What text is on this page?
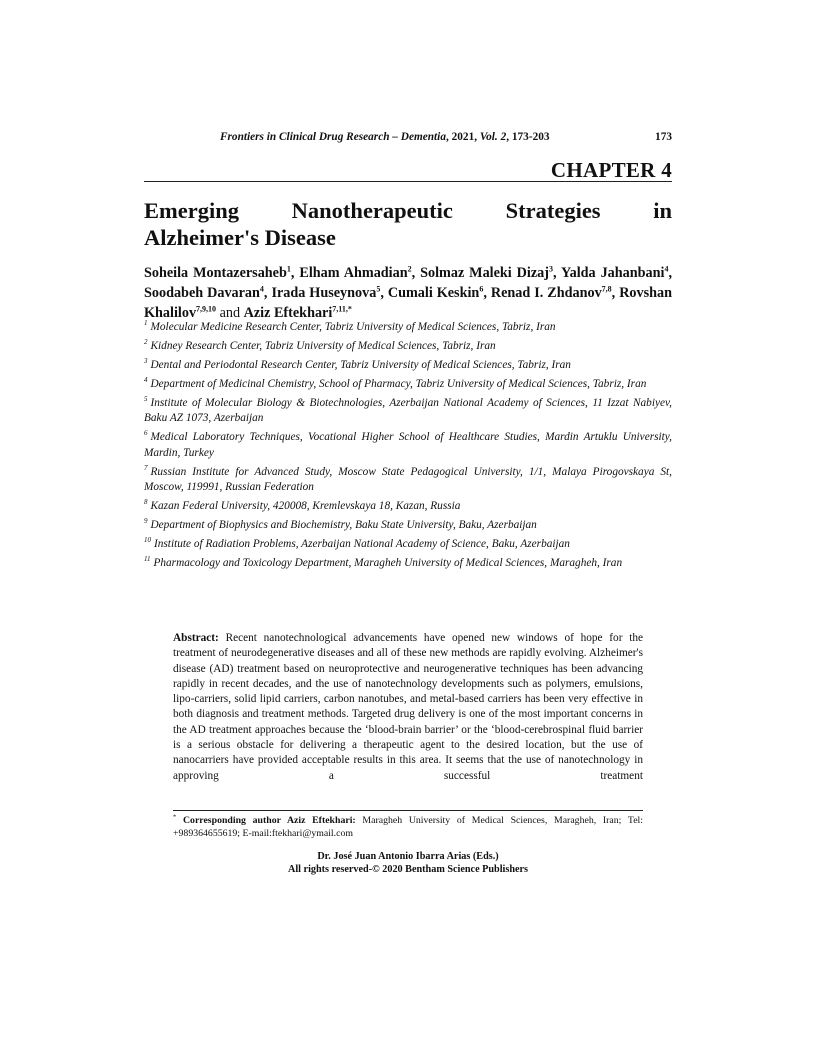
Frontiers in Clinical Drug Research – Dementia, 2021, Vol. 2, 173-203	173
CHAPTER 4
Emerging Nanotherapeutic Strategies in
Alzheimer's Disease
Soheila Montazersaheb$^1$, Elham Ahmadian$^2$, Solmaz Maleki Dizaj$^3$, Yalda Jahanbani$^4$, Soodabeh Davaran$^4$, Irada Huseynova$^5$, Cumali Keskin$^6$, Renad I. Zhdanov$^{7,8}$, Rovshan Khalilov$^{7,9,10}$ and Aziz Eftekhari$^{7,11,*}$

$^1$ Molecular Medicine Research Center, Tabriz University of Medical Sciences, Tabriz, Iran

$^2$ Kidney Research Center, Tabriz University of Medical Sciences, Tabriz, Iran

$^3$ Dental and Periodontal Research Center, Tabriz University of Medical Sciences, Tabriz, Iran

$^4$ Department of Medicinal Chemistry, School of Pharmacy, Tabriz University of Medical Sciences, Tabriz, Iran

$^5$ Institute of Molecular Biology & Biotechnologies, Azerbaijan National Academy of Sciences, 11 Izzat Nabiyev, Baku AZ 1073, Azerbaijan

$^6$ Medical Laboratory Techniques, Vocational Higher School of Healthcare Studies, Mardin Artuklu University, Mardin, Turkey

$^7$ Russian Institute for Advanced Study, Moscow State Pedagogical University, 1/1, Malaya Pirogovskaya St, Moscow, 119991, Russian Federation

$^8$ Kazan Federal University, 420008, Kremlevskaya 18, Kazan, Russia

$^9$ Department of Biophysics and Biochemistry, Baku State University, Baku, Azerbaijan

$^{10}$ Institute of Radiation Problems, Azerbaijan National Academy of Science, Baku, Azerbaijan

$^{11}$ Pharmacology and Toxicology Department, Maragheh University of Medical Sciences, Maragheh, Iran

Abstract: Recent nanotechnological advancements have opened new windows of hope for the treatment of neurodegenerative diseases and all of these new methods are rapidly evolving. Alzheimer's disease (AD) treatment based on neuroprotective and neurogenerative techniques has been advancing rapidly in recent decades, and the use of nanotechnology developments such as polymers, emulsions, lipo-carriers, solid lipid carriers, carbon nanotubes, and metal-based carriers has been very effective in both diagnosis and treatment methods. Targeted drug delivery is one of the most important concerns in the AD treatment approaches because the ‘blood-brain barrier’ or the ‘blood-cerebrospinal fluid barrier is a serious obstacle for delivering a therapeutic agent to the desired location, but the use of nanocarriers have provided acceptable results in this area. It seems that the use of nanotechnology in approving a successful treatment
* Corresponding author Aziz Eftekhari: Maragheh University of Medical Sciences, Maragheh, Iran; Tel: +989364655619; E-mail:ftekhari@ymail.com
Dr. José Juan Antonio Ibarra Arias (Eds.)
All rights reserved-© 2020 Bentham Science Publishers
